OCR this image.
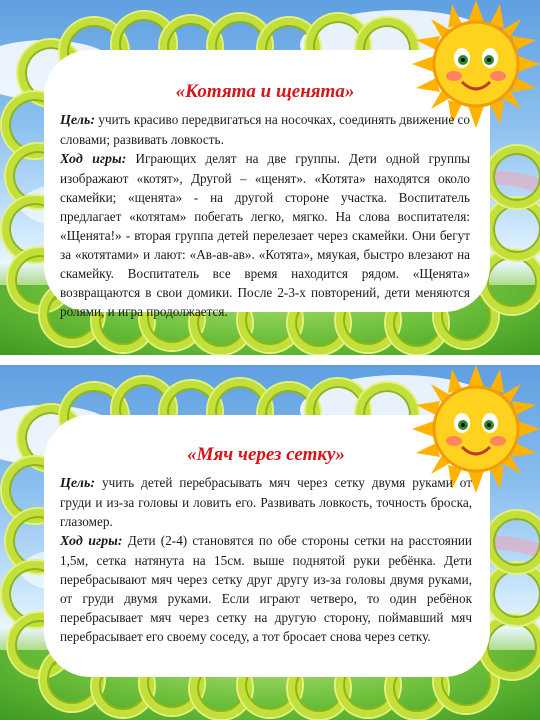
«Котята и щенята»

Цель: учить красиво передвигаться на носочках, соединять движение со словами; развивать ловкость.

Ход игры: Играющих делят на две группы. Дети одной группы изображают «котят», Другой – «щенят». «Котята» находятся около скамейки; «щенята» - на другой стороне участка. Воспитатель предлагает «котятам» побегать легко, мягко. На слова воспитателя: «Щенята!» - вторая группа детей перелезает через скамейки. Они бегут за «котятами» и лают: «Ав-ав-ав». «Котята», мяукая, быстро влезают на скамейку. Воспитатель все время находится рядом. «Щенята» возвращаются в свои домики. После 2-3-х повторений, дети меняются ролями, и игра продолжается.

«Мяч через сетку»

Цель: учить детей перебрасывать мяч через сетку двумя руками от груди и из-за головы и ловить его. Развивать ловкость, точность броска, глазомер.

Ход игры: Дети (2-4) становятся по обе стороны сетки на расстоянии 1,5м, сетка натянута на 15см. выше поднятой руки ребёнка. Дети перебрасывают мяч через сетку друг другу из-за головы двумя руками, от груди двумя руками. Если играют четверо, то один ребёнок перебрасывает мяч через сетку на другую сторону, поймавший мяч перебрасывает его своему соседу, а тот бросает снова через сетку.
